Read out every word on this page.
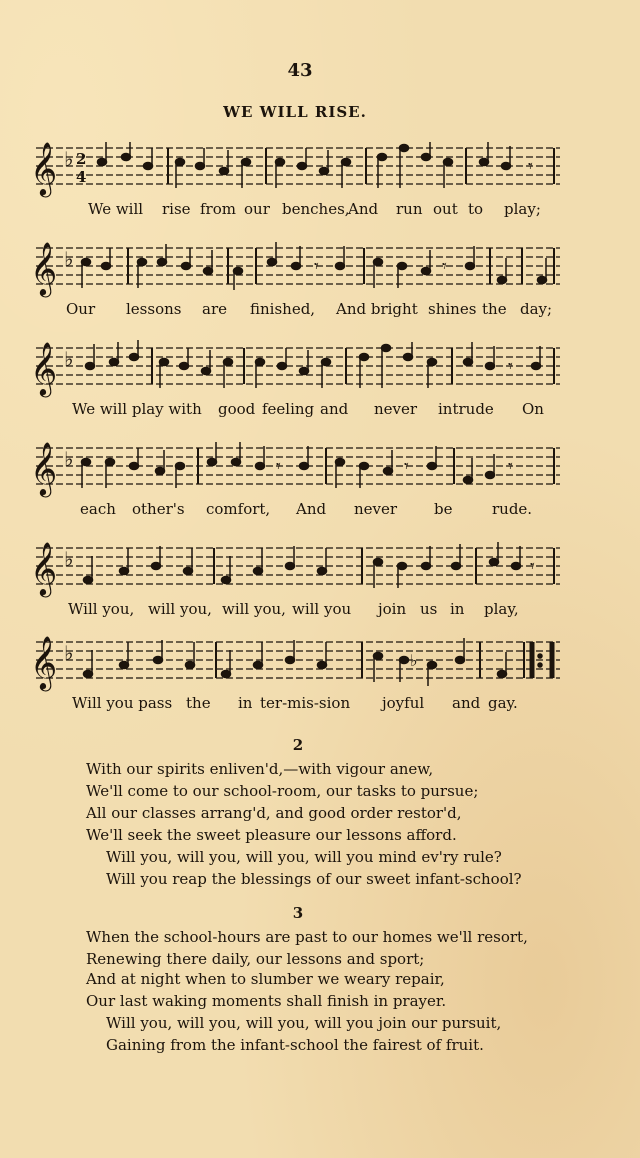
43
WE WILL RISE.
𝄞 ♭ 2
4	𝄾
We will rise from our benches,
And run out to play;
𝄞 ♭	𝄾	𝄾
Our lessons are finished, And bright shines the day;
𝄞 ♭	𝄾
We will play with good feeling and never intrude On
𝄞 ♭	𝄾	𝄾	𝄾
each other's comfort, And never be	rude.
𝄞 ♭	𝄾
Will you, will you, will you, will you join us in play,
𝄞 ♭	♭
Will you pass the in ter-mis-sion joyful and gay.
2
With our spirits enliven'd,—with vigour anew,
We'll come to our school-room, our tasks to pursue;
All our classes arrang'd, and good order restor'd,
We'll seek the sweet pleasure our lessons afford.
Will you, will you, will you, will you mind ev'ry rule?
Will you reap the blessings of our sweet infant-school?
3
When the school-hours are past to our homes we'll resort,
Renewing there daily, our lessons and sport;
And at night when to slumber we weary repair,
Our last waking moments shall finish in prayer.
Will you, will you, will you, will you join our pursuit,
Gaining from the infant-school the fairest of fruit.
